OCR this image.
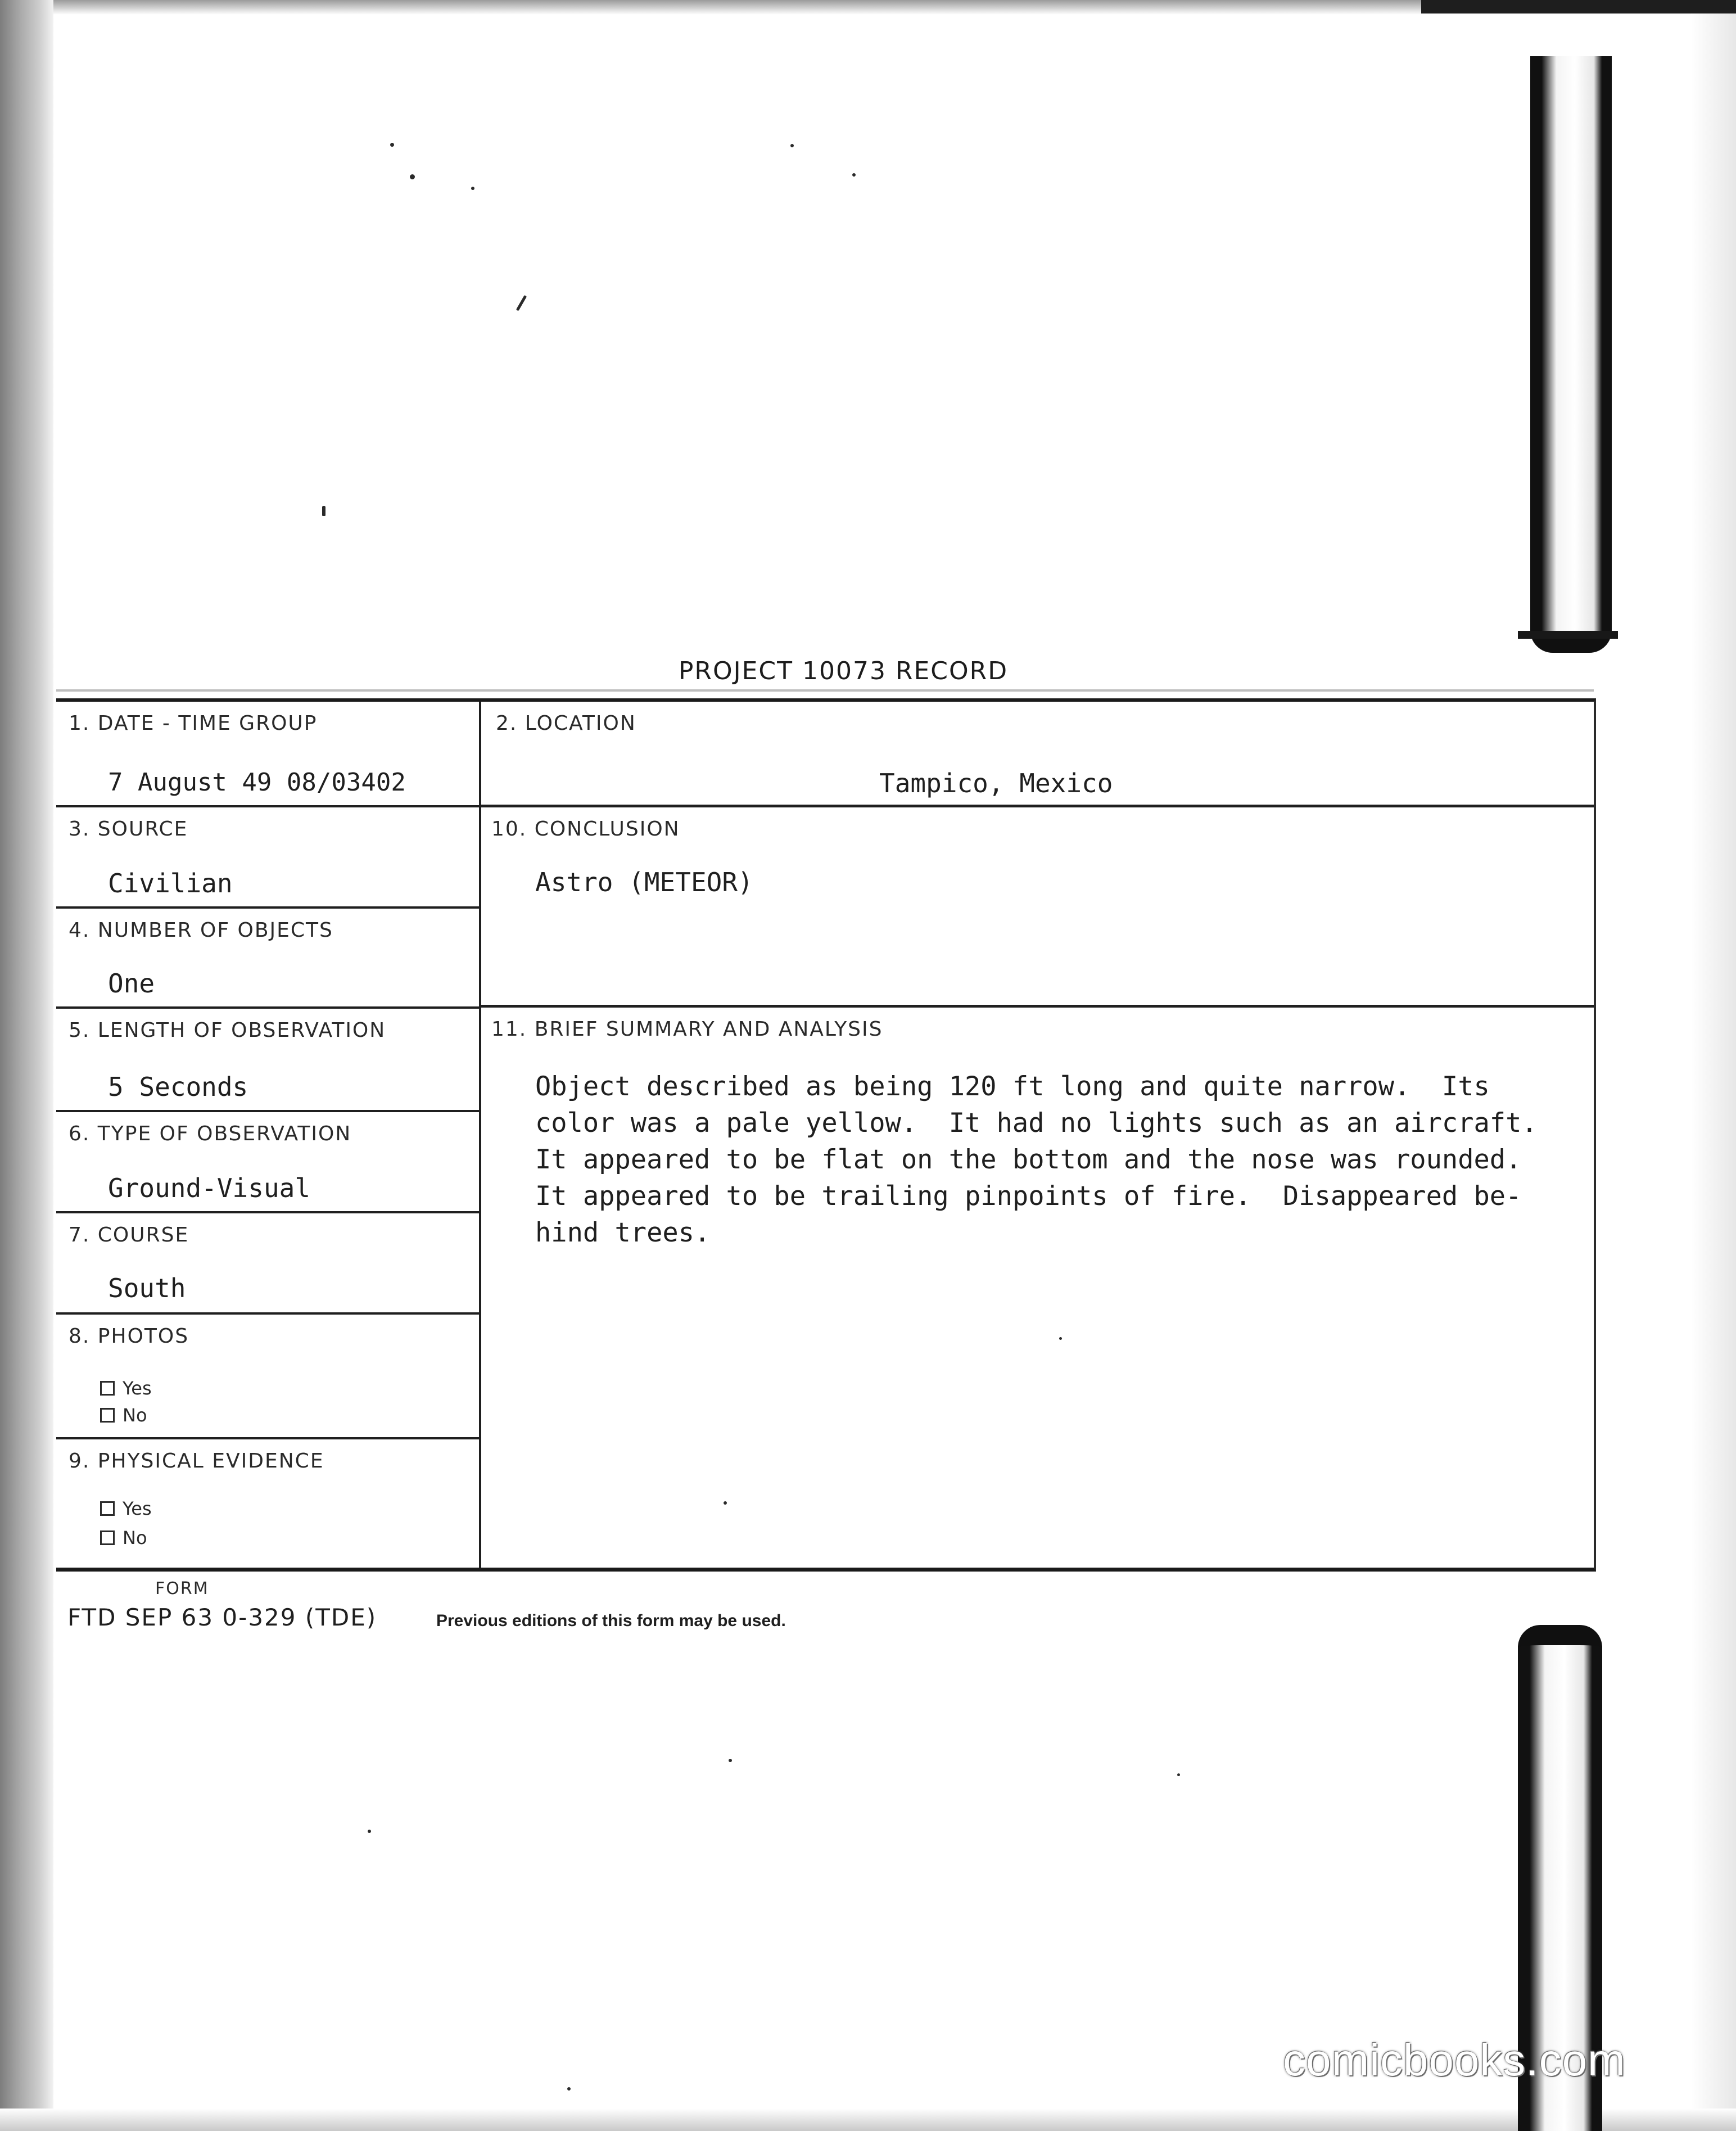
PROJECT 10073 RECORD
1. DATE - TIME GROUP
7 August 49 08/03402
3. SOURCE
Civilian
4. NUMBER OF OBJECTS
One
5. LENGTH OF OBSERVATION
5 Seconds
6. TYPE OF OBSERVATION
Ground-Visual
7. COURSE
South
8. PHOTOS
Yes
No
9. PHYSICAL EVIDENCE
Yes
No
2. LOCATION
Tampico, Mexico
10. CONCLUSION
Astro (METEOR)
11. BRIEF SUMMARY AND ANALYSIS
Object described as being 120 ft long and quite narrow.  Its
color was a pale yellow.  It had no lights such as an aircraft.
It appeared to be flat on the bottom and the nose was rounded.
It appeared to be trailing pinpoints of fire.  Disappeared be-
hind trees.
FORM
FTD SEP 63 0-329 (TDE)	Previous editions of this form may be used.
comicbooks.com
